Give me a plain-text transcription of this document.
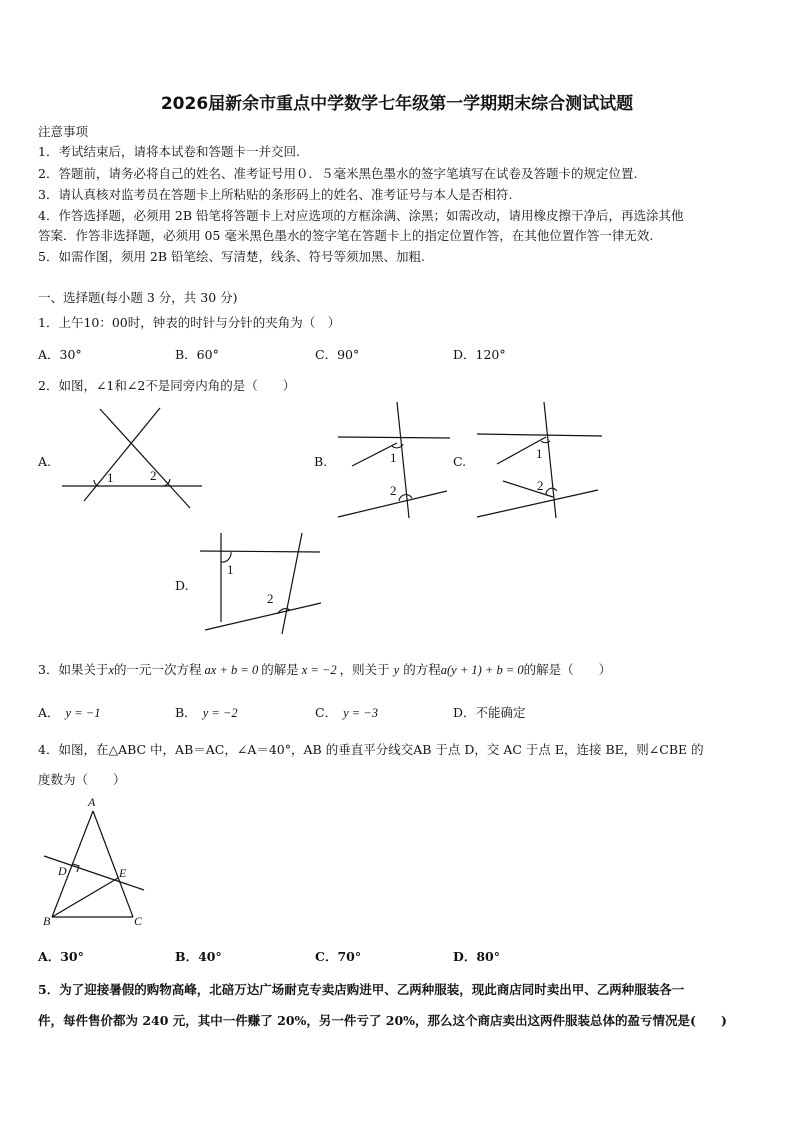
2026届新余市重点中学数学七年级第一学期期末综合测试试题
注意事项
1．考试结束后，请将本试卷和答题卡一并交回.
2．答题前，请务必将自己的姓名、准考证号用０．５毫米黑色墨水的签字笔填写在试卷及答题卡的规定位置.
3．请认真核对监考员在答题卡上所粘贴的条形码上的姓名、准考证号与本人是否相符.
4．作答选择题，必须用 2B 铅笔将答题卡上对应选项的方框涂满、涂黑；如需改动，请用橡皮擦干净后，再选涂其他
答案．作答非选择题，必须用 05 毫米黑色墨水的签字笔在答题卡上的指定位置作答，在其他位置作答一律无效.
5．如需作图，须用 2B 铅笔绘、写清楚，线条、符号等须加黑、加粗.
一、选择题(每小题 3 分，共 30 分)
1．上午10：00时，钟表的时针与分针的夹角为（　）
A．30°	B．60°	C．90°	D．120°
2．如图，∠1和∠2不是同旁内角的是（　　）
A.	B.	C.
D.
1	2
1
2
1
2
1
2
3．如果关于x的一元一次方程 ax + b = 0 的解是 x = −2 ，则关于 y 的方程a(y + 1) + b = 0的解是（　　）
A． y = −1	B． y = −2	C． y = −3	D．不能确定
4．如图，在△ABC 中，AB＝AC，∠A＝40°，AB 的垂直平分线交AB 于点 D，交 AC 于点 E，连接 BE，则∠CBE 的
度数为（　　）
A
D	E
B	C
A．30°	B．40°	C．70°	D．80°
5．为了迎接暑假的购物高峰，北碚万达广场耐克专卖店购进甲、乙两种服装，现此商店同时卖出甲、乙两种服装各一
件，每件售价都为 240 元，其中一件赚了 20%，另一件亏了 20%，那么这个商店卖出这两件服装总体的盈亏情况是(　　)
